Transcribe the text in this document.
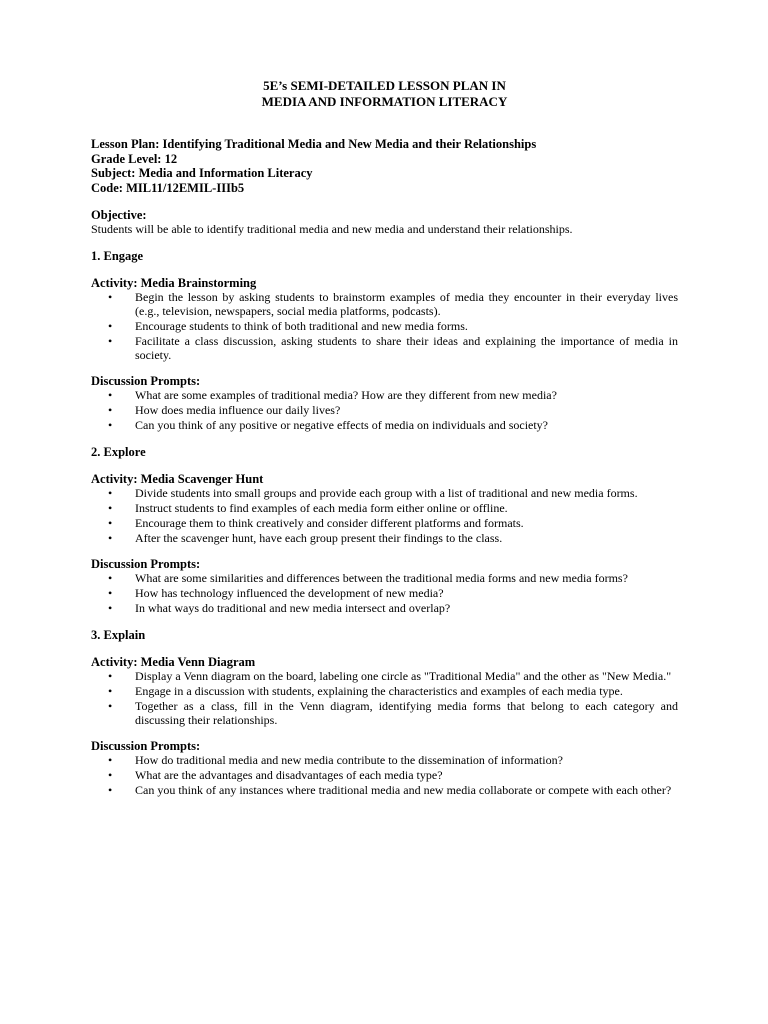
5E’s SEMI-DETAILED LESSON PLAN IN
MEDIA AND INFORMATION LITERACY
Lesson Plan: Identifying Traditional Media and New Media and their Relationships
Grade Level: 12
Subject: Media and Information Literacy
Code: MIL11/12EMIL-IIIb5
Objective:
Students will be able to identify traditional media and new media and understand their relationships.
1. Engage
Activity: Media Brainstorming
• Begin the lesson by asking students to brainstorm examples of media they encounter in their everyday lives (e.g., television, newspapers, social media platforms, podcasts).
• Encourage students to think of both traditional and new media forms.
• Facilitate a class discussion, asking students to share their ideas and explaining the importance of media in society.
Discussion Prompts:
• What are some examples of traditional media? How are they different from new media?
• How does media influence our daily lives?
• Can you think of any positive or negative effects of media on individuals and society?
2. Explore
Activity: Media Scavenger Hunt
• Divide students into small groups and provide each group with a list of traditional and new media forms.
• Instruct students to find examples of each media form either online or offline.
• Encourage them to think creatively and consider different platforms and formats.
• After the scavenger hunt, have each group present their findings to the class.
Discussion Prompts:
• What are some similarities and differences between the traditional media forms and new media forms?
• How has technology influenced the development of new media?
• In what ways do traditional and new media intersect and overlap?
3. Explain
Activity: Media Venn Diagram
• Display a Venn diagram on the board, labeling one circle as "Traditional Media" and the other as "New Media."
• Engage in a discussion with students, explaining the characteristics and examples of each media type.
• Together as a class, fill in the Venn diagram, identifying media forms that belong to each category and discussing their relationships.
Discussion Prompts:
• How do traditional media and new media contribute to the dissemination of information?
• What are the advantages and disadvantages of each media type?
• Can you think of any instances where traditional media and new media collaborate or compete with each other?
